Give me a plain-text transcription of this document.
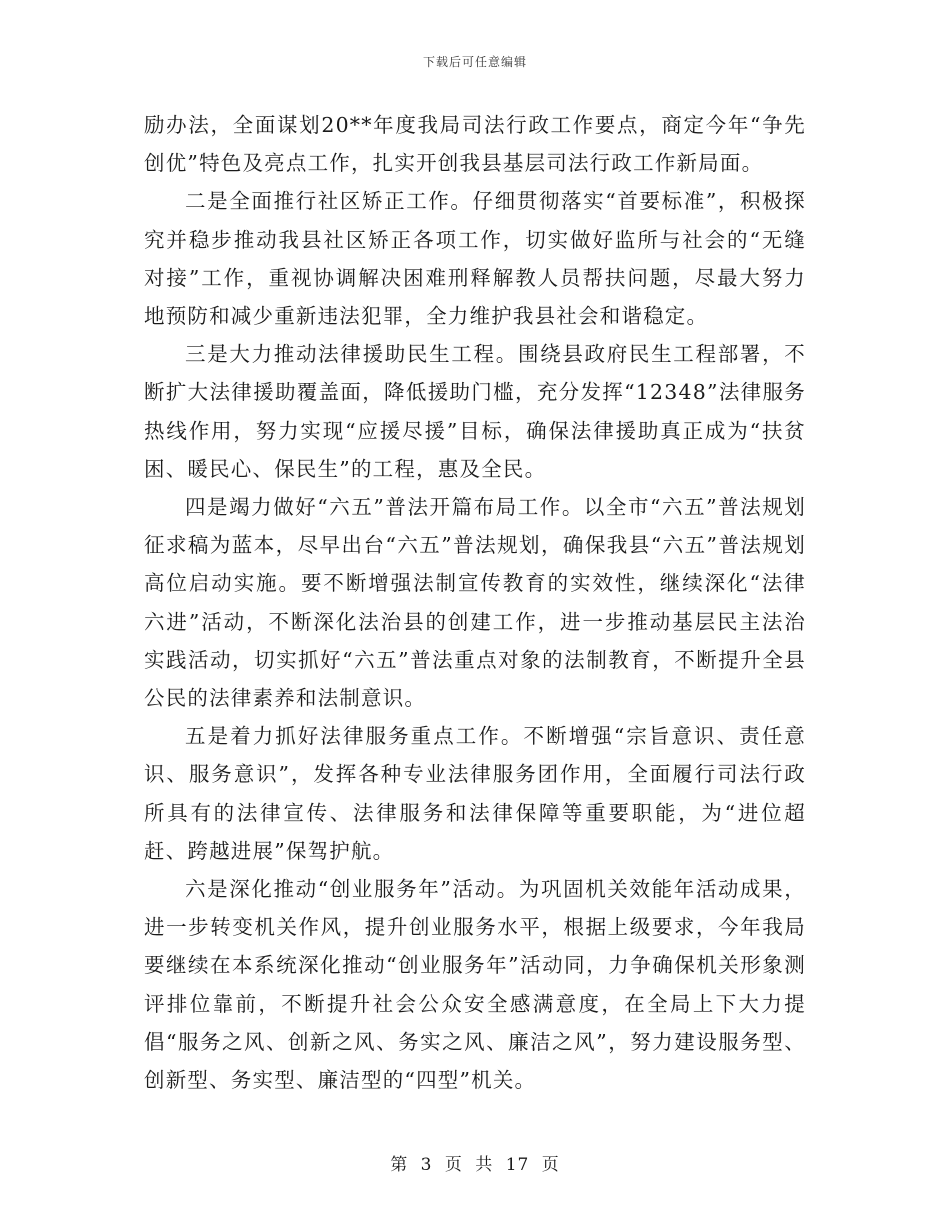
下载后可任意编辑

励办法，全面谋划20**年度我局司法行政工作要点，商定今年“争先创优”特色及亮点工作，扎实开创我县基层司法行政工作新局面。

二是全面推行社区矫正工作。仔细贯彻落实“首要标准”，积极探究并稳步推动我县社区矫正各项工作，切实做好监所与社会的“无缝对接”工作，重视协调解决困难刑释解教人员帮扶问题，尽最大努力地预防和减少重新违法犯罪，全力维护我县社会和谐稳定。

三是大力推动法律援助民生工程。围绕县政府民生工程部署，不断扩大法律援助覆盖面，降低援助门槛，充分发挥“12348”法律服务热线作用，努力实现“应援尽援”目标，确保法律援助真正成为“扶贫困、暖民心、保民生”的工程，惠及全民。

四是竭力做好“六五”普法开篇布局工作。以全市“六五”普法规划征求稿为蓝本，尽早出台“六五”普法规划，确保我县“六五”普法规划高位启动实施。要不断增强法制宣传教育的实效性，继续深化“法律六进”活动，不断深化法治县的创建工作，进一步推动基层民主法治实践活动，切实抓好“六五”普法重点对象的法制教育，不断提升全县公民的法律素养和法制意识。

五是着力抓好法律服务重点工作。不断增强“宗旨意识、责任意识、服务意识”，发挥各种专业法律服务团作用，全面履行司法行政所具有的法律宣传、法律服务和法律保障等重要职能，为“进位超赶、跨越进展”保驾护航。

六是深化推动“创业服务年”活动。为巩固机关效能年活动成果，进一步转变机关作风，提升创业服务水平，根据上级要求，今年我局要继续在本系统深化推动“创业服务年”活动同，力争确保机关形象测评排位靠前，不断提升社会公众安全感满意度，在全局上下大力提倡“服务之风、创新之风、务实之风、廉洁之风”，努力建设服务型、创新型、务实型、廉洁型的“四型”机关。

第 3 页 共 17 页
